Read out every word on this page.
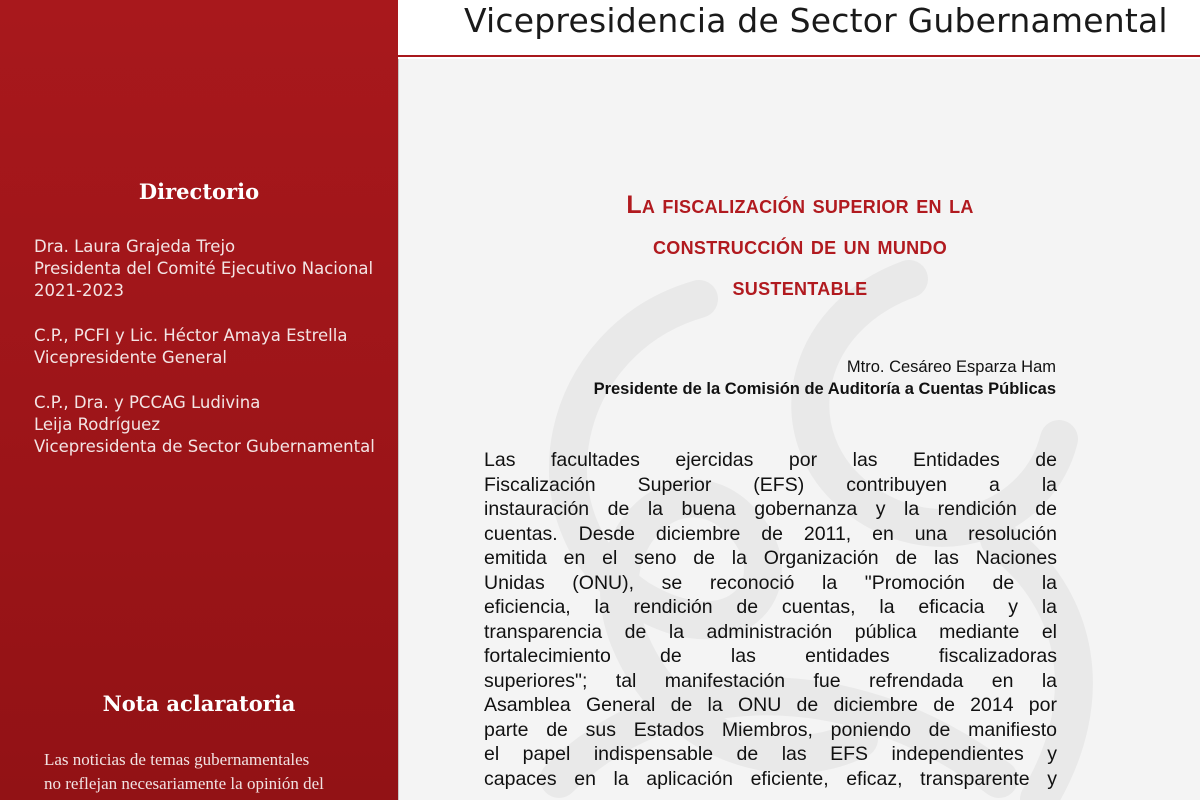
Directorio
Dra. Laura Grajeda Trejo
Presidenta del Comité Ejecutivo Nacional
2021-2023
C.P., PCFI y Lic. Héctor Amaya Estrella
Vicepresidente General
C.P., Dra. y PCCAG Ludivina
Leija Rodríguez
Vicepresidenta de Sector Gubernamental
Nota aclaratoria
Las noticias de temas gubernamentales
no reflejan necesariamente la opinión del
Vicepresidencia de Sector Gubernamental
La fiscalización superior en la
construcción de un mundo
sustentable
Mtro. Cesáreo Esparza Ham
Presidente de la Comisión de Auditoría a Cuentas Públicas
Las facultades ejercidas por las Entidades de
Fiscalización Superior (EFS) contribuyen a la
instauración de la buena gobernanza y la rendición de
cuentas. Desde diciembre de 2011, en una resolución
emitida en el seno de la Organización de las Naciones
Unidas (ONU), se reconoció la "Promoción de la
eficiencia, la rendición de cuentas, la eficacia y la
transparencia de la administración pública mediante el
fortalecimiento de las entidades fiscalizadoras
superiores"; tal manifestación fue refrendada en la
Asamblea General de la ONU de diciembre de 2014 por
parte de sus Estados Miembros, poniendo de manifiesto
el papel indispensable de las EFS independientes y
capaces en la aplicación eficiente, eficaz, transparente y
